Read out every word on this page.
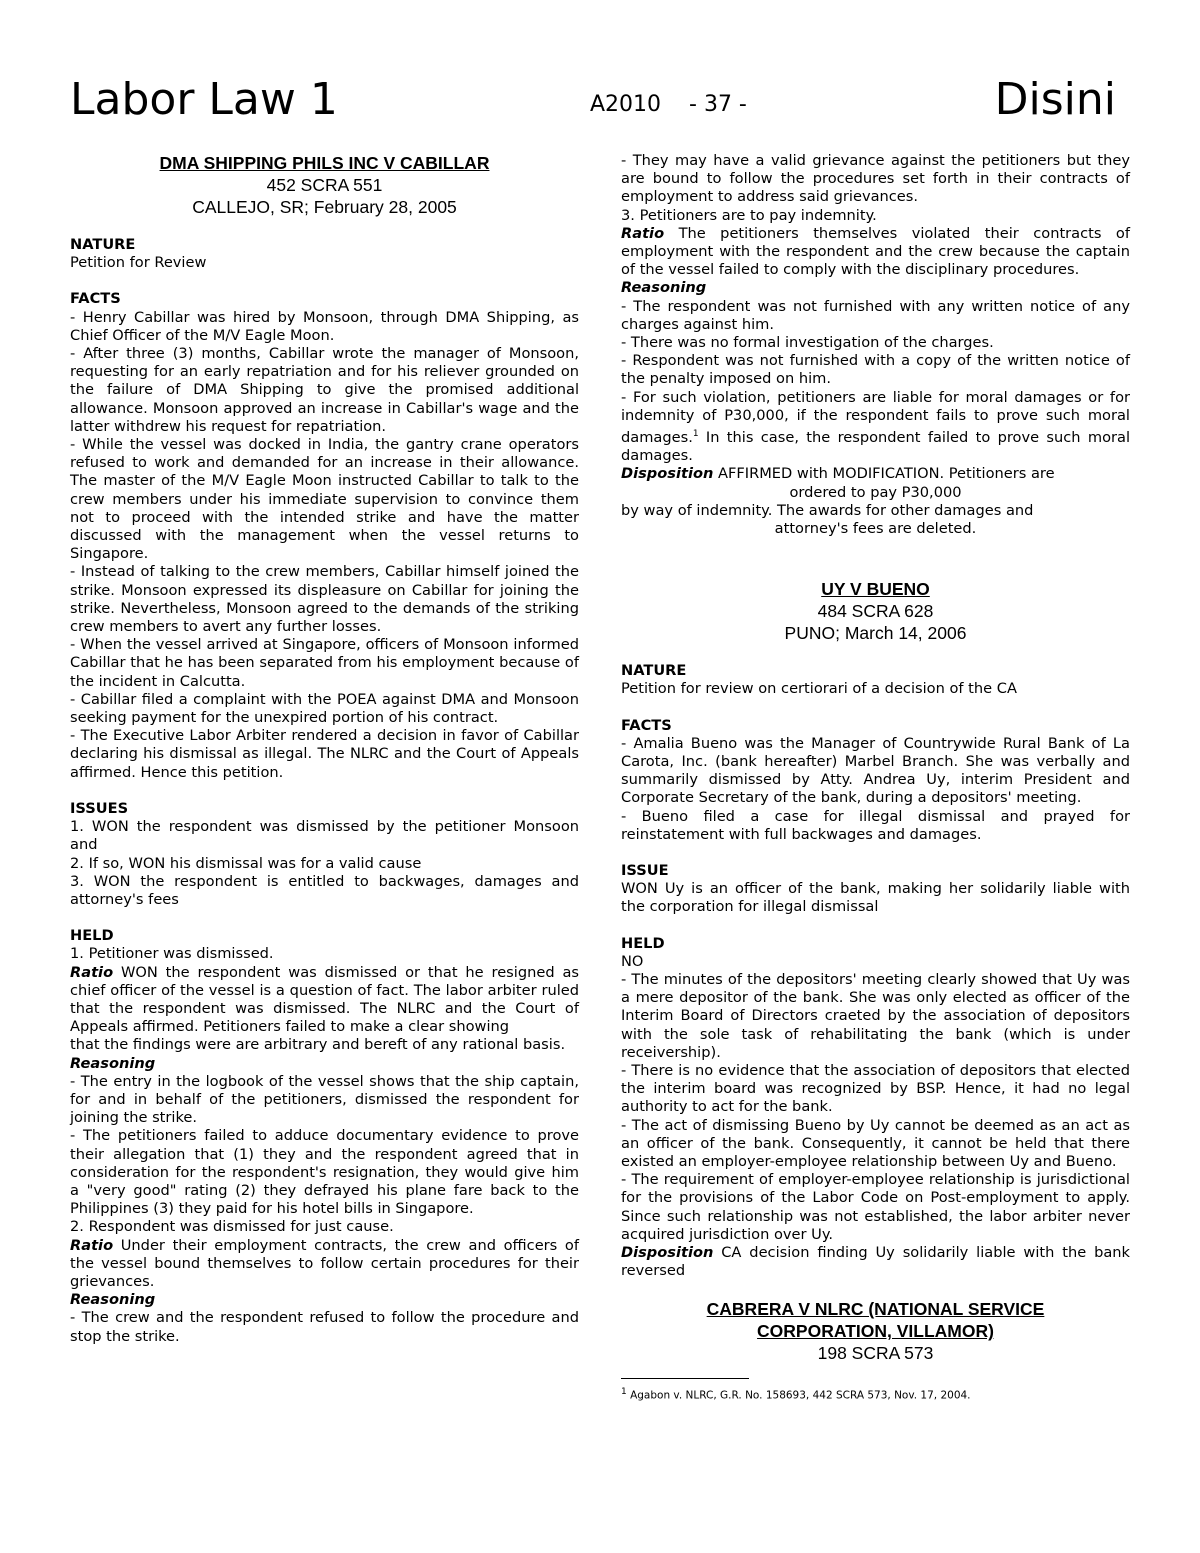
Labor Law 1	A2010    - 37 -	Disini
DMA SHIPPING PHILS INC V CABILLAR
452 SCRA 551
CALLEJO, SR; February 28, 2005
NATURE

Petition for Review

FACTS

- Henry Cabillar was hired by Monsoon, through DMA Shipping, as Chief Officer of the M/V Eagle Moon.

- After three (3) months, Cabillar wrote the manager of Monsoon, requesting for an early repatriation and for his reliever grounded on the failure of DMA Shipping to give the promised additional allowance. Monsoon approved an increase in Cabillar's wage and the latter withdrew his request for repatriation.

- While the vessel was docked in India, the gantry crane operators refused to work and demanded for an increase in their allowance. The master of the M/V Eagle Moon instructed Cabillar to talk to the crew members under his immediate supervision to convince them not to proceed with the intended strike and have the matter discussed with the management when the vessel returns to Singapore.

- Instead of talking to the crew members, Cabillar himself joined the strike. Monsoon expressed its displeasure on Cabillar for joining the strike. Nevertheless, Monsoon agreed to the demands of the striking crew members to avert any further losses.

- When the vessel arrived at Singapore, officers of Monsoon informed Cabillar that he has been separated from his employment because of the incident in Calcutta.

- Cabillar filed a complaint with the POEA against DMA and Monsoon seeking payment for the unexpired portion of his contract.

- The Executive Labor Arbiter rendered a decision in favor of Cabillar declaring his dismissal as illegal. The NLRC and the Court of Appeals affirmed. Hence this petition.

ISSUES

1. WON the respondent was dismissed by the petitioner Monsoon and

2. If so, WON his dismissal was for a valid cause

3. WON the respondent is entitled to backwages, damages and attorney's fees

HELD

1. Petitioner was dismissed.

Ratio WON the respondent was dismissed or that he resigned as chief officer of the vessel is a question of fact. The labor arbiter ruled that the respondent was dismissed. The NLRC and the Court of Appeals affirmed. Petitioners failed to make a clear showing

that the findings were are arbitrary and bereft of any rational basis.

Reasoning

- The entry in the logbook of the vessel shows that the ship captain, for and in behalf of the petitioners, dismissed the respondent for joining the strike.

- The petitioners failed to adduce documentary evidence to prove their allegation that (1) they and the respondent agreed that in consideration for the respondent's resignation, they would give him a "very good" rating (2) they defrayed his plane fare back to the Philippines (3) they paid for his hotel bills in Singapore.

2. Respondent was dismissed for just cause.

Ratio Under their employment contracts, the crew and officers of the vessel bound themselves to follow certain procedures for their grievances.

Reasoning

- The crew and the respondent refused to follow the procedure and stop the strike.

- They may have a valid grievance against the petitioners but they are bound to follow the procedures set forth in their contracts of employment to address said grievances.

3. Petitioners are to pay indemnity.

Ratio The petitioners themselves violated their contracts of employment with the respondent and the crew because the captain of the vessel failed to comply with the disciplinary procedures.

Reasoning

- The respondent was not furnished with any written notice of any charges against him.

- There was no formal investigation of the charges.

- Respondent was not furnished with a copy of the written notice of the penalty imposed on him.

- For such violation, petitioners are liable for moral damages or for indemnity of P30,000, if the respondent fails to prove such moral damages.$^1$ In this case, the respondent failed to prove such moral damages.

Disposition AFFIRMED with MODIFICATION. Petitioners are

ordered to pay P30,000

by way of indemnity. The awards for other damages and

attorney's fees are deleted.

UY V BUENO
484 SCRA 628
PUNO; March 14, 2006
NATURE

Petition for review on certiorari of a decision of the CA

FACTS

- Amalia Bueno was the Manager of Countrywide Rural Bank of La Carota, Inc. (bank hereafter) Marbel Branch. She was verbally and summarily dismissed by Atty. Andrea Uy, interim President and Corporate Secretary of the bank, during a depositors' meeting.

- Bueno filed a case for illegal dismissal and prayed for reinstatement with full backwages and damages.

ISSUE

WON Uy is an officer of the bank, making her solidarily liable with the corporation for illegal dismissal

HELD

NO

- The minutes of the depositors' meeting clearly showed that Uy was a mere depositor of the bank. She was only elected as officer of the Interim Board of Directors craeted by the association of depositors with the sole task of rehabilitating the bank (which is under receivership).

- There is no evidence that the association of depositors that elected the interim board was recognized by BSP. Hence, it had no legal authority to act for the bank.

- The act of dismissing Bueno by Uy cannot be deemed as an act as an officer of the bank. Consequently, it cannot be held that there existed an employer-employee relationship between Uy and Bueno.

- The requirement of employer-employee relationship is jurisdictional for the provisions of the Labor Code on Post-employment to apply. Since such relationship was not established, the labor arbiter never acquired jurisdiction over Uy.

Disposition CA decision finding Uy solidarily liable with the bank reversed

CABRERA V NLRC (NATIONAL SERVICE
CORPORATION, VILLAMOR)
198 SCRA 573
$^1$ Agabon v. NLRC, G.R. No. 158693, 442 SCRA 573, Nov. 17, 2004.
